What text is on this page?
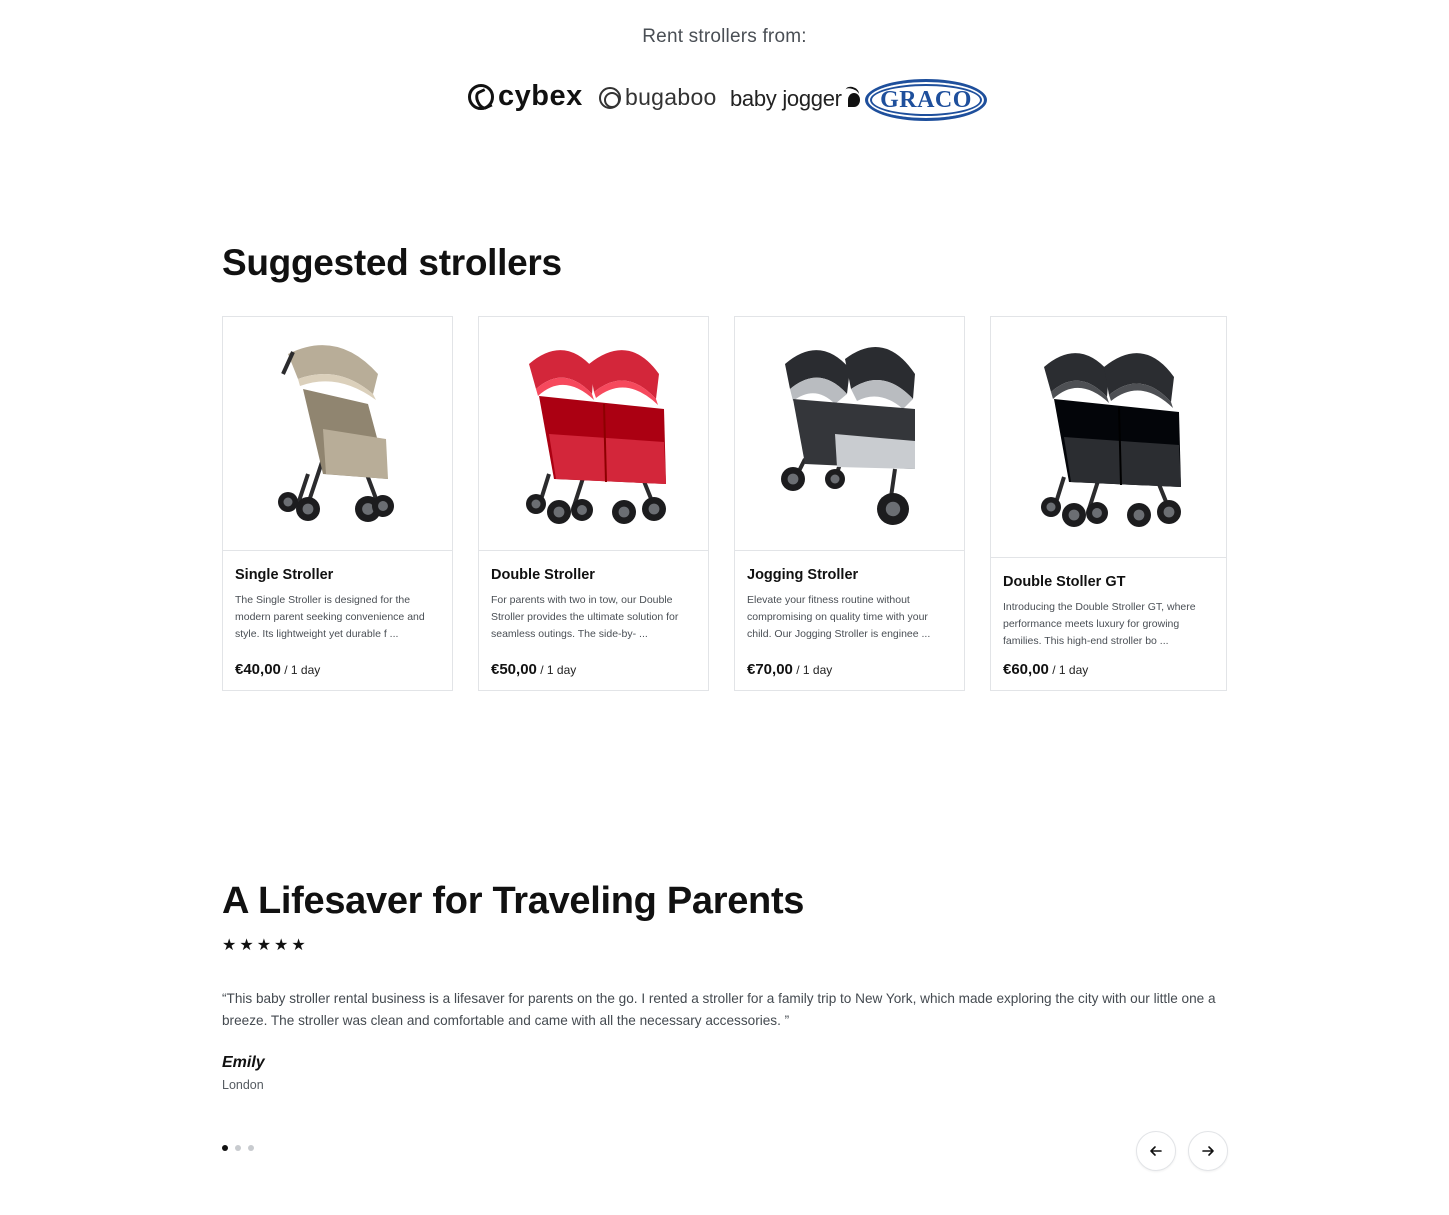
Rent strollers from:
cybex bugaboo baby jogger GRACO
Suggested strollers
Single Stroller
The Single Stroller is designed for the modern parent seeking convenience and style. Its lightweight yet durable f ...
€40,00 / 1 day
Double Stroller
For parents with two in tow, our Double Stroller provides the ultimate solution for seamless outings. The side-by- ...
€50,00 / 1 day
Jogging Stroller
Elevate your fitness routine without compromising on quality time with your child. Our Jogging Stroller is enginee ...
€70,00 / 1 day
Double Stoller GT
Introducing the Double Stroller GT, where performance meets luxury for growing families. This high-end stroller bo ...
€60,00 / 1 day
A Lifesaver for Traveling Parents
★ ★ ★ ★ ★

“This baby stroller rental business is a lifesaver for parents on the go. I rented a stroller for a family trip to New York, which made exploring the city with our little one a breeze. The stroller was clean and comfortable and came with all the necessary accessories. ”

Emily
London
